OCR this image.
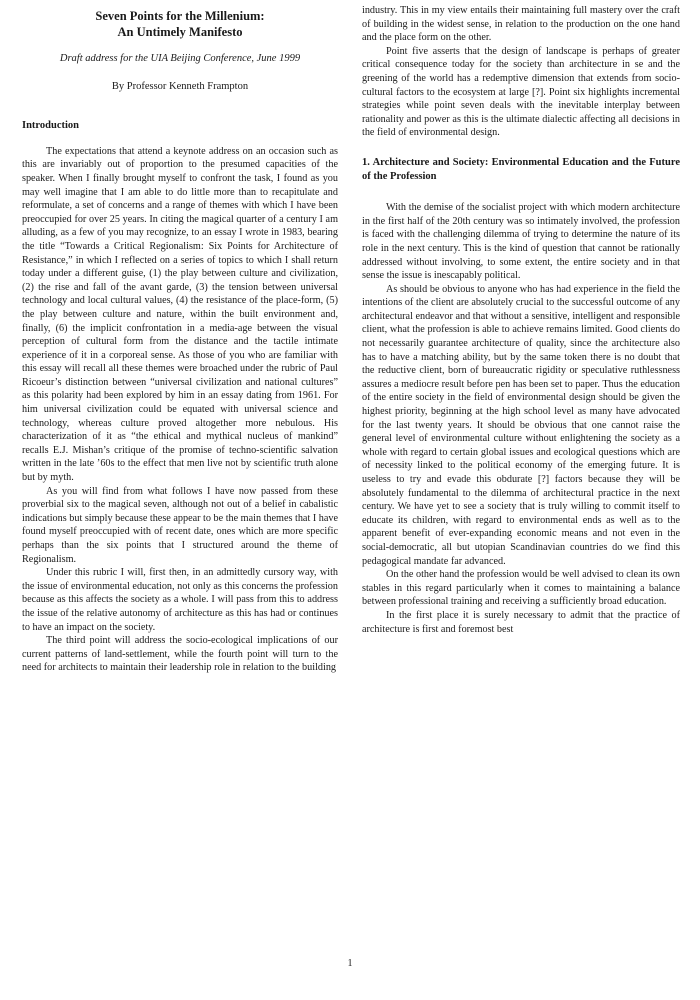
Seven Points for the Millenium:
An Untimely Manifesto
Draft address for the UIA Beijing Conference, June 1999
By Professor Kenneth Frampton
Introduction

The expectations that attend a keynote address on an occasion such as this are invariably out of proportion to the presumed capacities of the speaker. When I finally brought myself to confront the task, I found as you may well imagine that I am able to do little more than to recapitulate and reformulate, a set of concerns and a range of themes with which I have been preoccupied for over 25 years. In citing the magical quarter of a century I am alluding, as a few of you may recognize, to an essay I wrote in 1983, bearing the title “Towards a Critical Regionalism: Six Points for Architecture of Resistance,” in which I reflected on a series of topics to which I shall return today under a different guise, (1) the play between culture and civilization, (2) the rise and fall of the avant garde, (3) the tension between universal technology and local cultural values, (4) the resistance of the place-form, (5) the play between culture and nature, within the built environment and, finally, (6) the implicit confrontation in a media-age between the visual perception of cultural form from the distance and the tactile intimate experience of it in a corporeal sense. As those of you who are familiar with this essay will recall all these themes were broached under the rubric of Paul Ricoeur’s distinction between “universal civilization and national cultures” as this polarity had been explored by him in an essay dating from 1961. For him universal civilization could be equated with universal science and technology, whereas culture proved altogether more nebulous. His characterization of it as “the ethical and mythical nucleus of mankind” recalls E.J. Mishan’s critique of the promise of techno-scientific salvation written in the late ’60s to the effect that men live not by scientific truth alone but by myth.

As you will find from what follows I have now passed from these proverbial six to the magical seven, although not out of a belief in cabalistic indications but simply because these appear to be the main themes that I have found myself preoccupied with of recent date, ones which are more specific perhaps than the six points that I structured around the theme of Regionalism.

Under this rubric I will, first then, in an admittedly cursory way, with the issue of environmental education, not only as this concerns the profession because as this affects the society as a whole. I will pass from this to address the issue of the relative autonomy of architecture as this has had or continues to have an impact on the society.

The third point will address the socio-ecological implications of our current patterns of land-settlement, while the fourth point will turn to the need for architects to maintain their leadership role in relation to the building

industry. This in my view entails their maintaining full mastery over the craft of building in the widest sense, in relation to the production on the one hand and the place form on the other.

Point five asserts that the design of landscape is perhaps of greater critical consequence today for the society than architecture in se and the greening of the world has a redemptive dimension that extends from socio-cultural factors to the ecosystem at large [?]. Point six highlights incremental strategies while point seven deals with the inevitable interplay between rationality and power as this is the ultimate dialectic affecting all decisions in the field of environmental design.

1. Architecture and Society: Environmental Education and the Future of the Profession

With the demise of the socialist project with which modern architecture in the first half of the 20th century was so intimately involved, the profession is faced with the challenging dilemma of trying to determine the nature of its role in the next century. This is the kind of question that cannot be rationally addressed without involving, to some extent, the entire society and in that sense the issue is inescapably political.

As should be obvious to anyone who has had experience in the field the intentions of the client are absolutely crucial to the successful outcome of any architectural endeavor and that without a sensitive, intelligent and responsible client, what the profession is able to achieve remains limited. Good clients do not necessarily guarantee architecture of quality, since the architecture also has to have a matching ability, but by the same token there is no doubt that the reductive client, born of bureaucratic rigidity or speculative ruthlessness assures a mediocre result before pen has been set to paper. Thus the education of the entire society in the field of environmental design should be given the highest priority, beginning at the high school level as many have advocated for the last twenty years. It should be obvious that one cannot raise the general level of environmental culture without enlightening the society as a whole with regard to certain global issues and ecological questions which are of necessity linked to the political economy of the emerging future. It is useless to try and evade this obdurate [?] factors because they will be absolutely fundamental to the dilemma of architectural practice in the next century. We have yet to see a society that is truly willing to commit itself to educate its children, with regard to environmental ends as well as to the apparent benefit of ever-expanding economic means and not even in the social-democratic, all but utopian Scandinavian countries do we find this pedagogical mandate far advanced.

On the other hand the profession would be well advised to clean its own stables in this regard particularly when it comes to maintaining a balance between professional training and receiving a sufficiently broad education.

In the first place it is surely necessary to admit that the practice of architecture is first and foremost best

1
